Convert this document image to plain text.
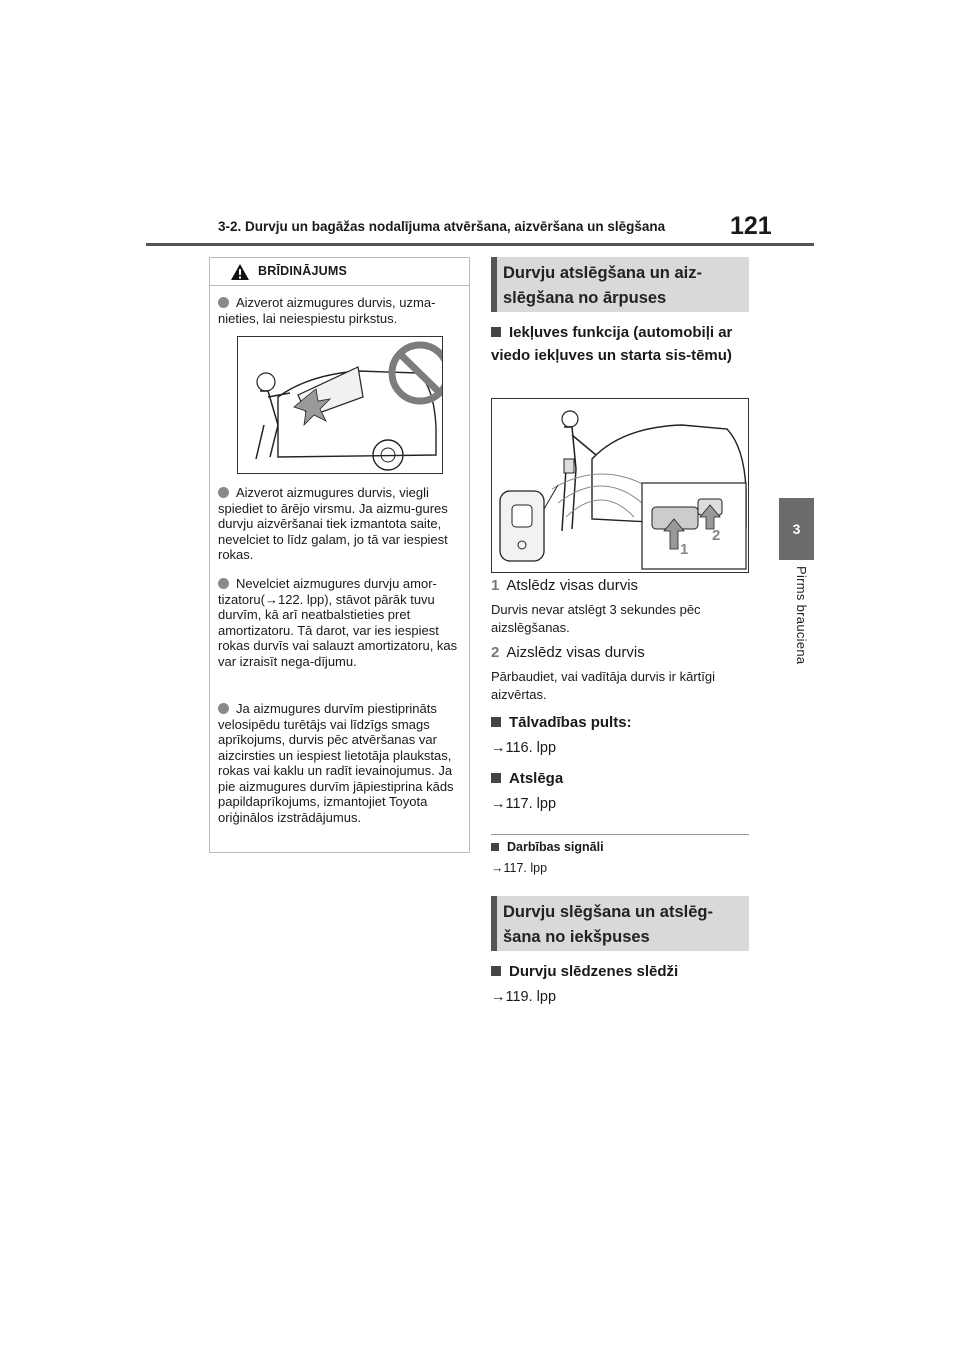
3-2. Durvju un bagāžas nodalījuma atvēršana, aizvēršana un slēgšana	121
3
Pirms brauciena
BRĪDINĀJUMS
Aizverot aizmugures durvis, uzma-nieties, lai neiespiestu pirkstus.
Aizverot aizmugures durvis, viegli spiediet to ārējo virsmu. Ja aizmu-gures durvju aizvēršanai tiek izmantota saite, nevelciet to līdz galam, jo tā var iespiest rokas.
Nevelciet aizmugures durvju amor-tizatoru(→122. lpp), stāvot pārāk tuvu durvīm, kā arī neatbalstieties pret amortizatoru. Tā darot, var ies iespiest rokas durvīs vai salauzt amortizatoru, kas var izraisīt nega-dījumu.
Ja aizmugures durvīm piestiprināts velosipēdu turētājs vai līdzīgs smags aprīkojums, durvis pēc atvēršanas var aizcirsties un iespiest lietotāja plaukstas, rokas vai kaklu un radīt ievainojumus. Ja pie aizmugures durvīm jāpiestiprina kāds papildaprīkojums, izmantojiet Toyota oriģinālos izstrādājumus.
Durvju atslēgšana un aiz-slēgšana no ārpuses
Iekļuves funkcija (automobiļi ar viedo iekļuves un starta sis-tēmu)
1
2
1 Atslēdz visas durvis
Durvis nevar atslēgt 3 sekundes pēc aizslēgšanas.
2 Aizslēdz visas durvis
Pārbaudiet, vai vadītāja durvis ir kārtīgi aizvērtas.
Tālvadības pults:
→116. lpp
Atslēga
→117. lpp
Darbības signāli
→117. lpp
Durvju slēgšana un atslēg-šana no iekšpuses
Durvju slēdzenes slēdži
→119. lpp
